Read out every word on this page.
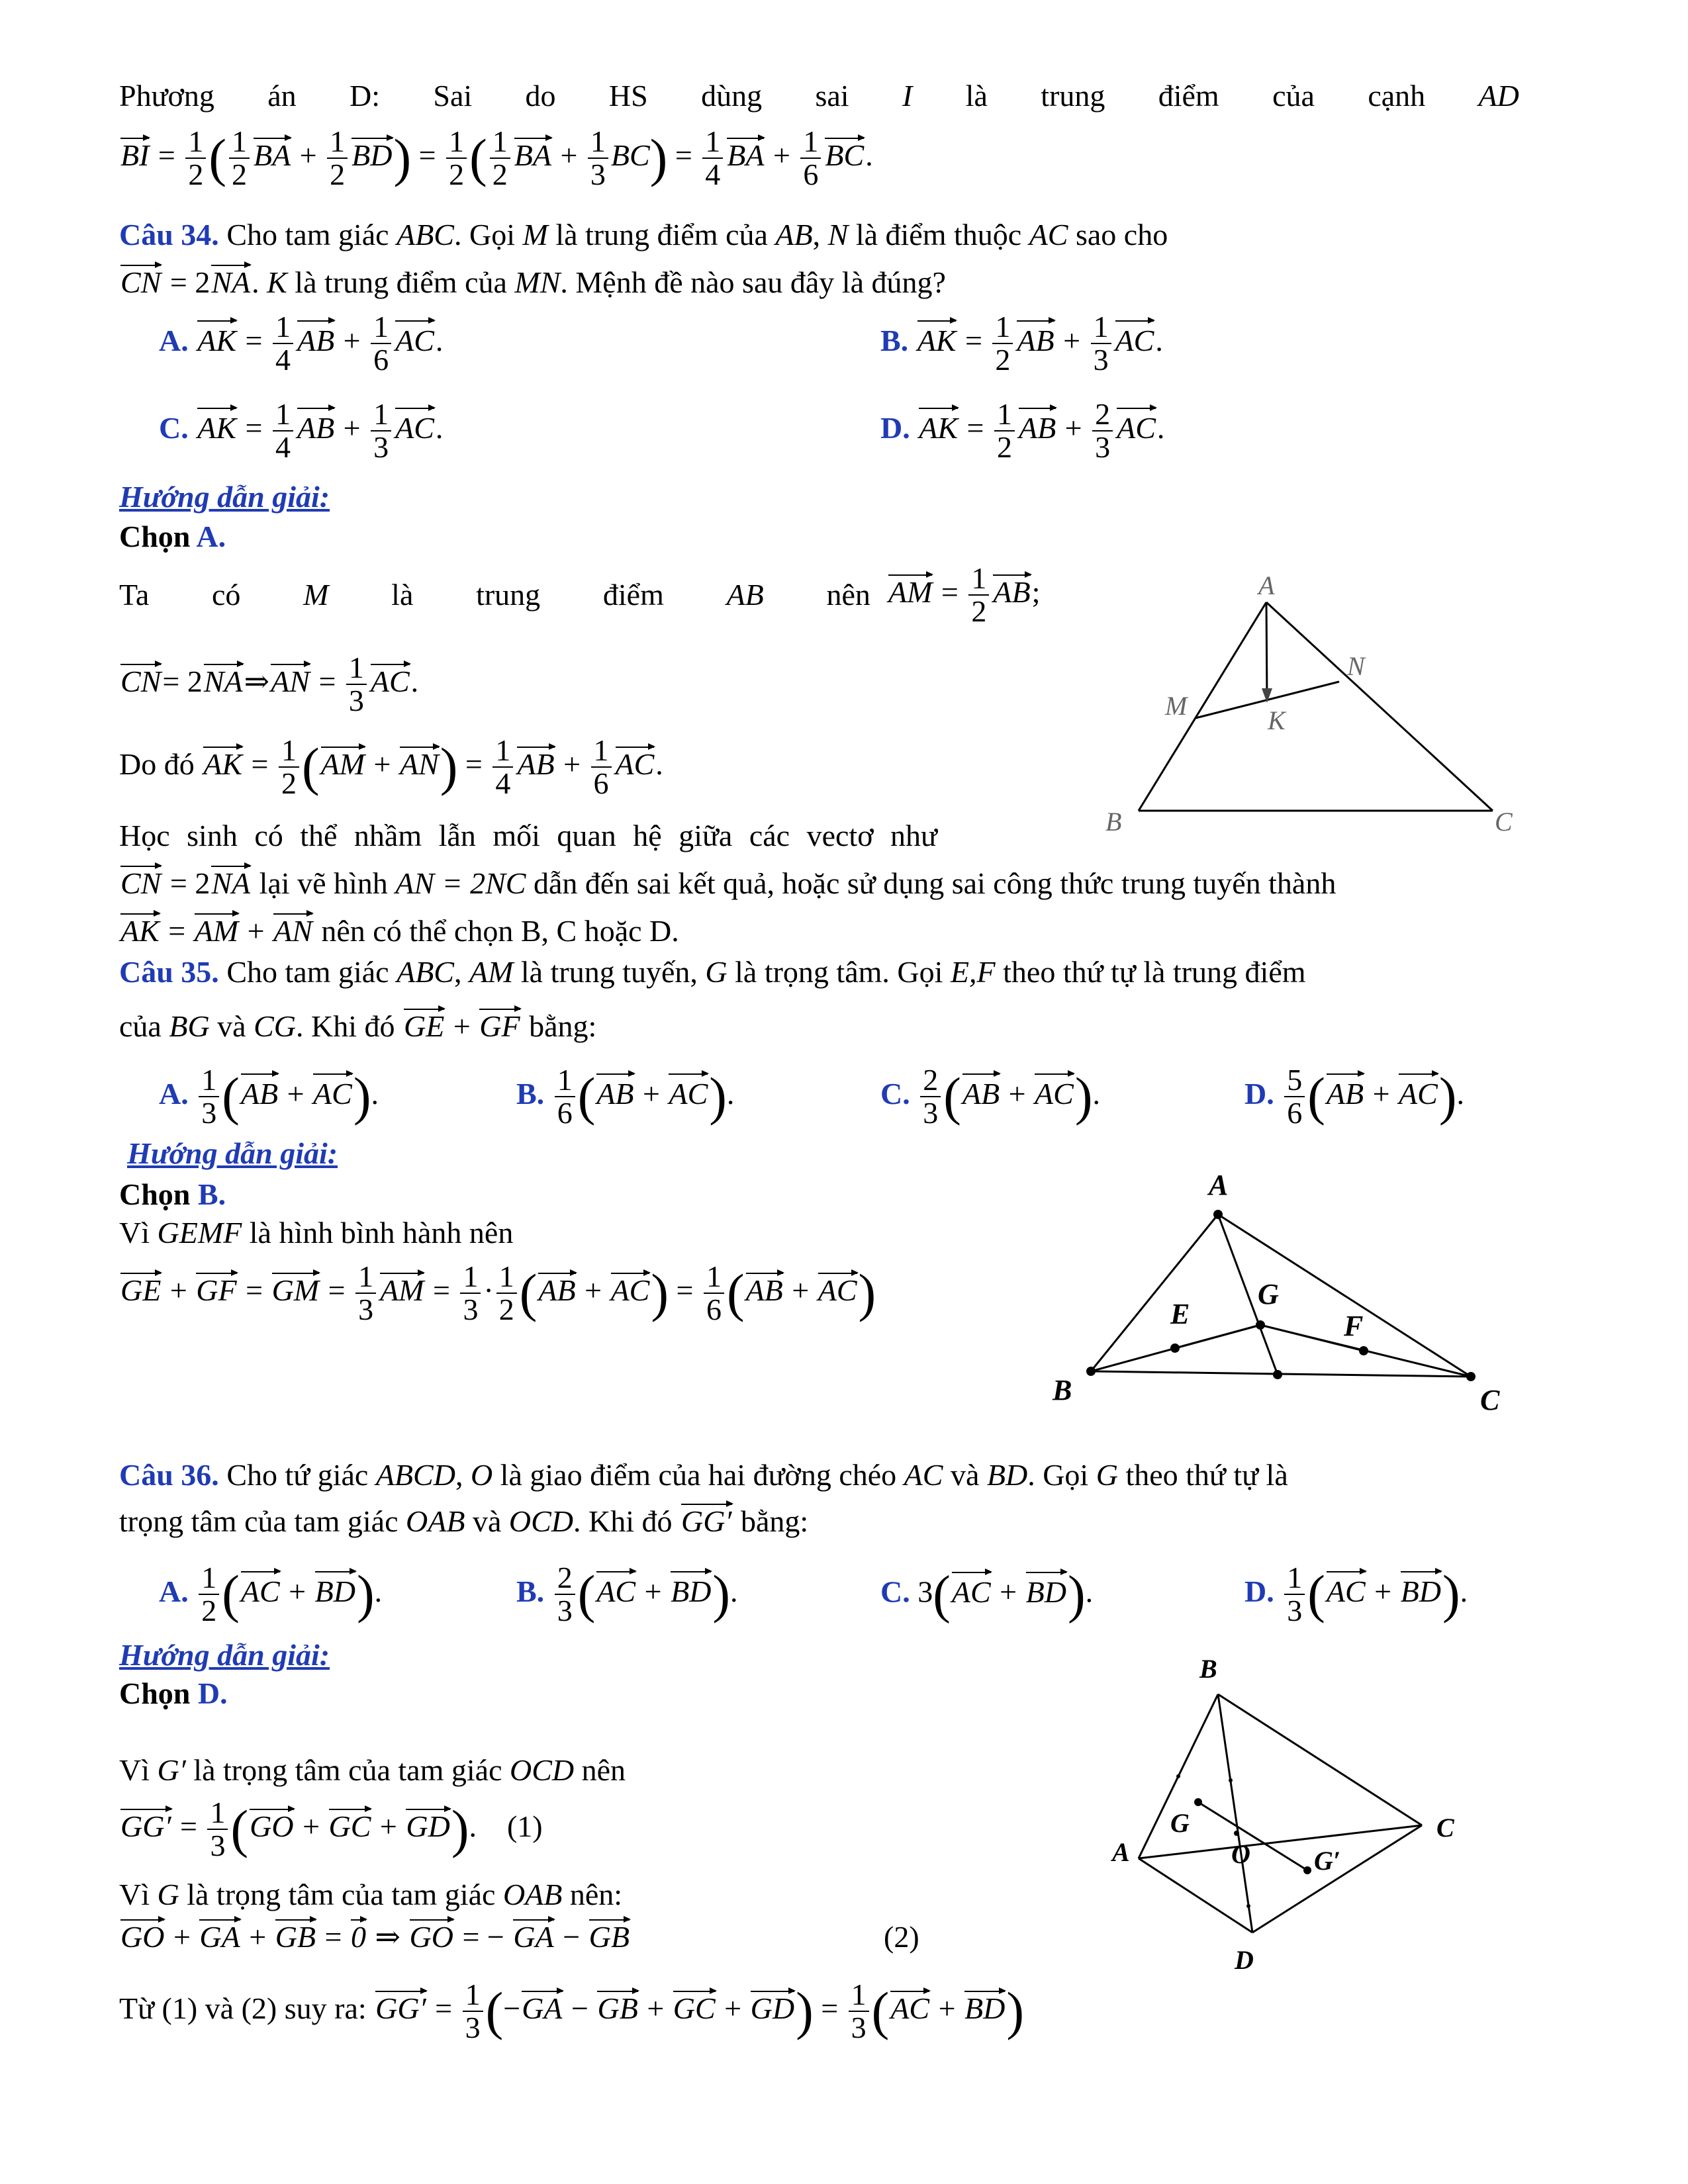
Phương án D: Sai do HS dùng sai I là trung điểm của cạnh AD
BI = $\frac{1}{2}$ ( $\frac{1}{2}$ BA + $\frac{1}{2} BD) = \frac{1}{2}$ ( $\frac{1}{2}$ BA + $\frac{1}{3} BC) = \frac{1}{4}$ BA + $\frac{1}{6}$ BC.
Câu 34. Cho tam giác ABC. Gọi M là trung điểm của AB, N là điểm thuộc AC sao cho
CN = 2NA. K là trung điểm của MN. Mệnh đề nào sau đây là đúng?
A. AK = $\frac{1}{4}$ AB + $\frac{1}{6}$ AC.	B. AK = $\frac{1}{2}$ AB + $\frac{1}{3}$ AC.
C. AK = $\frac{1}{4}$ AB + $\frac{1}{3}$ AC.	D. AK = $\frac{1}{2}$ AB + $\frac{2}{3}$ AC.
Hướng dẫn giải:
Chọn A.
Ta có M là trung điểm AB nên AM = $\frac{1}{2}$ AB;
CN= 2NA⇒AN = $\frac{1}{3}$ AC.
Do đó AK = $\frac{1}{2} (AM + AN) = \frac{1}{4}$ AB + $\frac{1}{6}$ AC.
Học sinh có thể nhầm lẫn mối quan hệ giữa các vectơ như
CN = 2NA lại vẽ hình AN = 2NC dẫn đến sai kết quả, hoặc sử dụng sai công thức trung tuyến thành
AK = AM + AN nên có thể chọn B, C hoặc D.
A
M
N
K
B	C
Câu 35. Cho tam giác ABC, AM là trung tuyến, G là trọng tâm. Gọi E,F theo thứ tự là trung điểm
của BG và CG. Khi đó GE + GF bằng:
A. $\frac{1}{3} (AB + AC)$.	B. $\frac{1}{6} (AB + AC)$.	C. $\frac{2}{3} (AB + AC)$.	D. $\frac{5}{6} (AB + AC)$.
Hướng dẫn giải:
Chọn B.
Vì GEMF là hình bình hành nên
GE + GF = GM = $\frac{1}{3}$ AM = $\frac{1}{3} \cdot \frac{1}{2} (AB + AC) = \frac{1}{6} (AB + AC)$
A
G
E	F
B	C
Câu 36. Cho tứ giác ABCD, O là giao điểm của hai đường chéo AC và BD. Gọi G theo thứ tự là
trọng tâm của tam giác OAB và OCD. Khi đó GG′ bằng:
A. $\frac{1}{2} (AC + BD)$.	B. $\frac{2}{3} (AC + BD)$.	C. 3(AC + BD).	D. $\frac{1}{3} (AC + BD)$.
Hướng dẫn giải:
Chọn D.
Vì G′ là trọng tâm của tam giác OCD nên
$GG' = \frac{1}{3} (GO$ + GC + GD). (1)
Vì G là trọng tâm của tam giác OAB nên:
GO + GA + GB = 0 ⇒ GO = − GA − GB	(2)
Từ (1) và (2) suy ra: $GG' = \frac{1}{3} (-GA$ − GB + GC + $GD) = \frac{1}{3} (AC + BD)$
B
G	C
A	O G′
D
